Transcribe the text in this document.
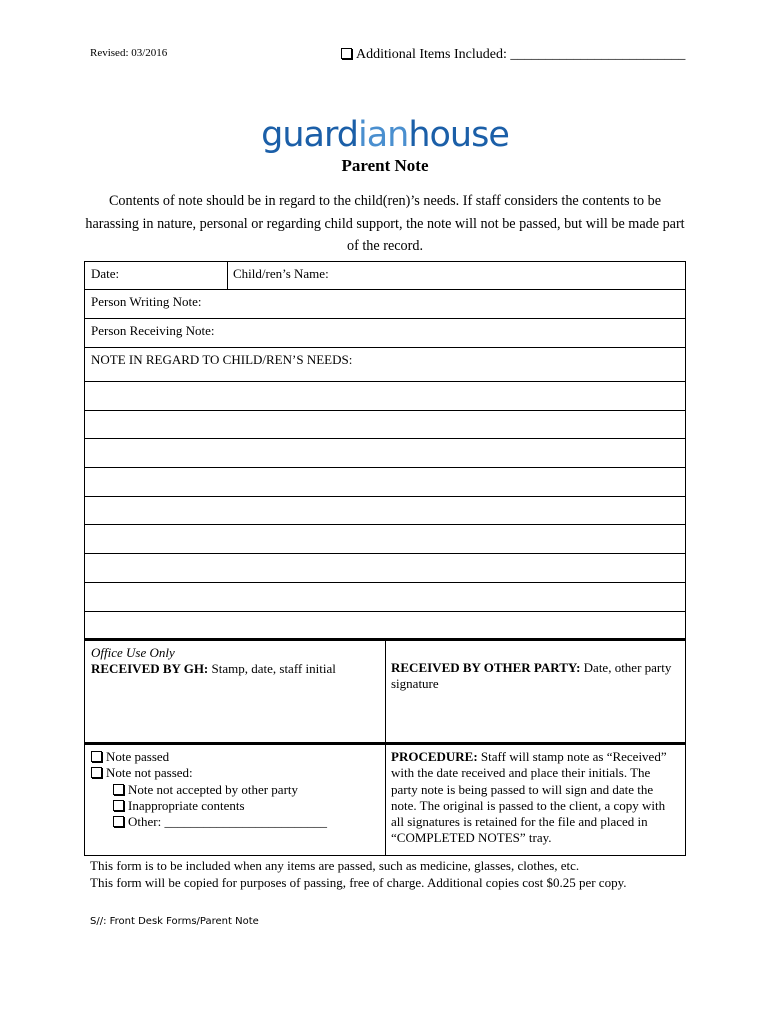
Revised: 03/2016	Additional Items Included: _________________________
guardianhouse
Parent Note
Contents of note should be in regard to the child(ren)’s needs. If staff considers the contents to be harassing in nature, personal or regarding child support, the note will not be passed, but will be made part of the record.
Date:	Child/ren’s Name:
Person Writing Note:
Person Receiving Note:
NOTE IN REGARD TO CHILD/REN’S NEEDS:
Office Use Only
RECEIVED BY GH: Stamp, date, staff initial	RECEIVED BY OTHER PARTY: Date, other party signature
Note passed
Note not passed:
Note not accepted by other party
Inappropriate contents
Other: _________________________
PROCEDURE: Staff will stamp note as “Received” with the date received and place their initials. The party note is being passed to will sign and date the note. The original is passed to the client, a copy with all signatures is retained for the file and placed in “COMPLETED NOTES” tray.
This form is to be included when any items are passed, such as medicine, glasses, clothes, etc.
This form will be copied for purposes of passing, free of charge. Additional copies cost $0.25 per copy.
S//: Front Desk Forms/Parent Note
